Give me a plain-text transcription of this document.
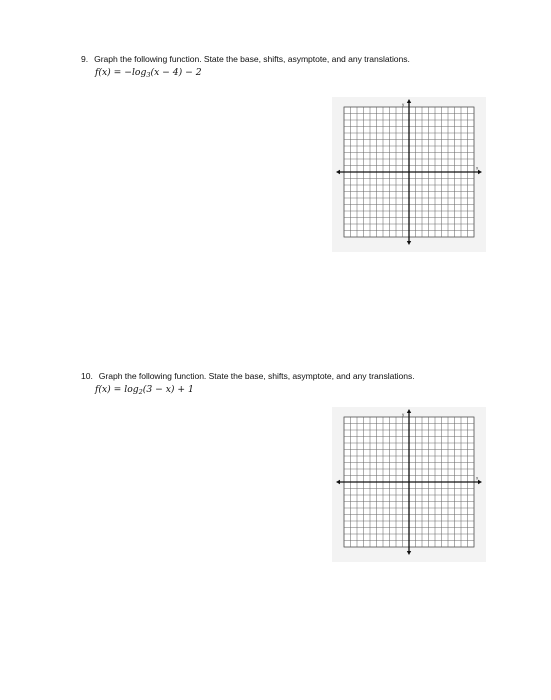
9. Graph the following function. State the base, shifts, asymptote, and any translations.
$f(x) = -\log_3(x - 4) - 2$
y
x
10. Graph the following function. State the base, shifts, asymptote, and any translations.
$f(x) = \log_2(3 - x) + 1$
y
x
